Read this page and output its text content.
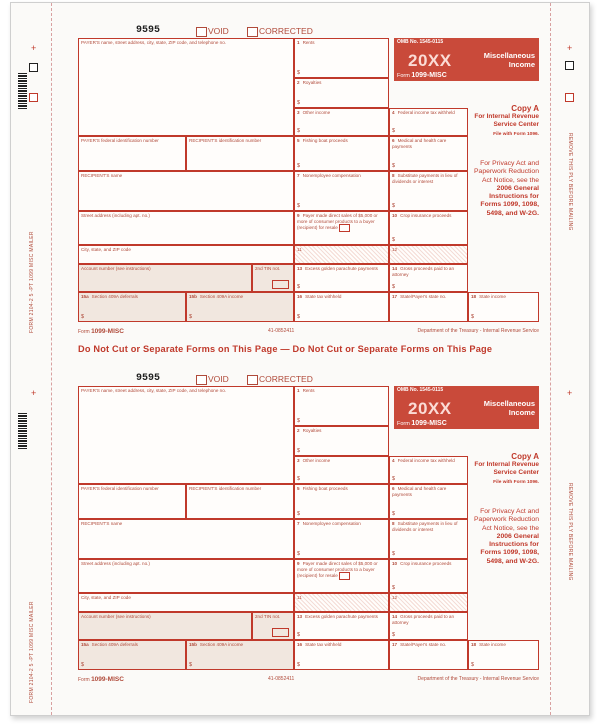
+
FORM 2104-2 5 -PT 1099 MISC MAILER
+
FORM 2104-2 5 -PT 1099 MISC MAILER
+
REMOVE THIS PLY BEFORE MAILING
+
REMOVE THIS PLY BEFORE MAILING
9595	VOID	CORRECTED
PAYER'S name, street address, city, state, ZIP code, and telephone no.	1 Rents
$
2 Royalties
$
OMB No. 1545-0115
20XX	Miscellaneous Income
Form 1099-MISC
3 Other income
$
4 Federal income tax withheld
$
Copy A
For Internal Revenue Service Center
File with Form 1096.
PAYER'S federal identification number	RECIPIENT'S identification number	5 Fishing boat proceeds
$
6 Medical and health care payments
$
RECIPIENT'S name	7 Nonemployee compensation
$
8 Substitute payments in lieu of dividends or interest
$
For Privacy Act and Paperwork Reduction Act Notice, see the 2006 General Instructions for Forms 1099, 1098, 5498, and W-2G.
Street address (including apt. no.)	9 Payer made direct sales of $5,000 or more of consumer products to a buyer (recipient) for resale
10 Crop insurance proceeds
$
City, state, and ZIP code	11	12
Account number (see instructions)	2nd TIN not.	13 Excess golden parachute payments
$
14 Gross proceeds paid to an attorney
$
15a Section 409A deferrals
$
15b Section 409A income
$
16 State tax withheld
$
17 State/Payer's state no.	18 State income
$
Form 1099-MISC	41-0852411	Department of the Treasury - Internal Revenue Service
Do Not Cut or Separate Forms on This Page — Do Not Cut or Separate Forms on This Page
9595	VOID	CORRECTED
PAYER'S name, street address, city, state, ZIP code, and telephone no.	1 Rents
$
2 Royalties
$
OMB No. 1545-0115
20XX	Miscellaneous Income
Form 1099-MISC
3 Other income
$
4 Federal income tax withheld
$
Copy A
For Internal Revenue Service Center
File with Form 1096.
PAYER'S federal identification number	RECIPIENT'S identification number	5 Fishing boat proceeds
$
6 Medical and health care payments
$
RECIPIENT'S name	7 Nonemployee compensation
$
8 Substitute payments in lieu of dividends or interest
$
For Privacy Act and Paperwork Reduction Act Notice, see the 2006 General Instructions for Forms 1099, 1098, 5498, and W-2G.
Street address (including apt. no.)	9 Payer made direct sales of $5,000 or more of consumer products to a buyer (recipient) for resale
10 Crop insurance proceeds
$
City, state, and ZIP code	11	12
Account number (see instructions)	2nd TIN not.	13 Excess golden parachute payments
$
14 Gross proceeds paid to an attorney
$
15a Section 409A deferrals
$
15b Section 409A income
$
16 State tax withheld
$
17 State/Payer's state no.	18 State income
$
Form 1099-MISC	41-0852411	Department of the Treasury - Internal Revenue Service
